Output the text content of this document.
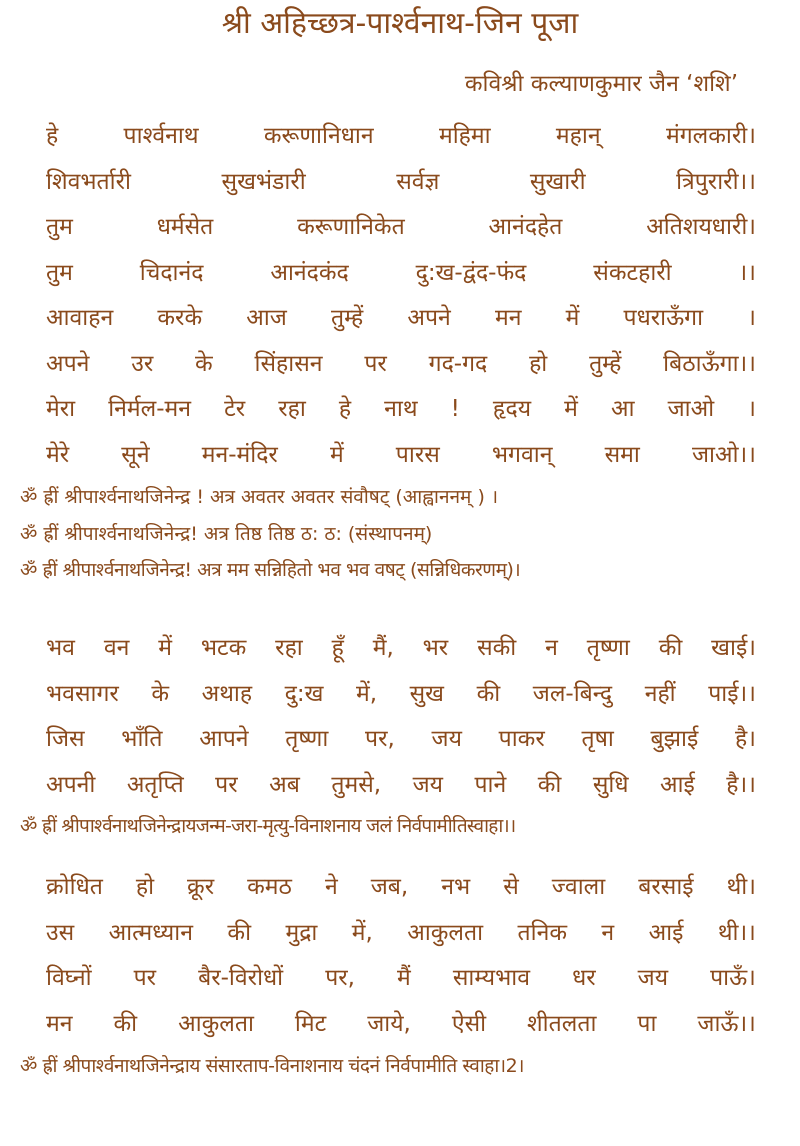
श्री अहिच्छत्र-पार्श्वनाथ-जिन पूजा
कविश्री कल्याणकुमार जैन ‘शशि’
हे	पार्श्वनाथ	करूणानिधान	महिमा	महान्	मंगलकारी।
शिवभर्तारी	सुखभंडारी	सर्वज्ञ	सुखारी	त्रिपुरारी।।
तुम	धर्मसेत	करूणानिकेत	आनंदहेत	अतिशयधारी।
तुम	चिदानंद	आनंदकंद	दु:ख-द्वंद-फंद	संकटहारी	।।
आवाहन करके आज तुम्हें अपने मन में पधराऊँगा ।
अपने उर के सिंहासन पर गद-गद हो तुम्हें बिठाऊँगा।।
मेरा निर्मल-मन टेर रहा हे नाथ ! हृदय में आ जाओ ।
मेरे सूने मन-मंदिर में पारस भगवान् समा जाओ।।
ॐ ह्रीं श्रीपार्श्वनाथजिनेन्द्र ! अत्र अवतर अवतर संवौषट् (आह्वाननम् ) ।
ॐ ह्रीं श्रीपार्श्वनाथजिनेन्द्र! अत्र तिष्ठ तिष्ठ ठ: ठ: (संस्थापनम्)
ॐ ह्रीं श्रीपार्श्वनाथजिनेन्द्र! अत्र मम सन्निहितो भव भव वषट् (सन्निधिकरणम्)।
भव वन में भटक रहा हूँ मैं, भर सकी न तृष्णा की खाई।
भवसागर के अथाह दु:ख में, सुख की जल-बिन्दु नहीं पाई।।
जिस भाँति आपने तृष्णा पर, जय पाकर तृषा बुझाई है।
अपनी अतृप्ति पर अब तुमसे, जय पाने की सुधि आई है।।
ॐ ह्रीं श्रीपार्श्वनाथजिनेन्द्रायजन्म-जरा-मृत्यु-विनाशनाय जलं निर्वपामीतिस्वाहा।।
क्रोधित हो क्रूर कमठ ने जब, नभ से ज्वाला बरसाई थी।
उस आत्मध्यान की मुद्रा में, आकुलता तनिक न आई थी।।
विघ्नों पर बैर-विरोधों पर, मैं साम्यभाव धर जय पाऊँ।
मन की आकुलता मिट जाये, ऐसी शीतलता पा जाऊँ।।
ॐ ह्रीं श्रीपार्श्वनाथजिनेन्द्राय संसारताप-विनाशनाय चंदनं निर्वपामीति स्वाहा।2।
